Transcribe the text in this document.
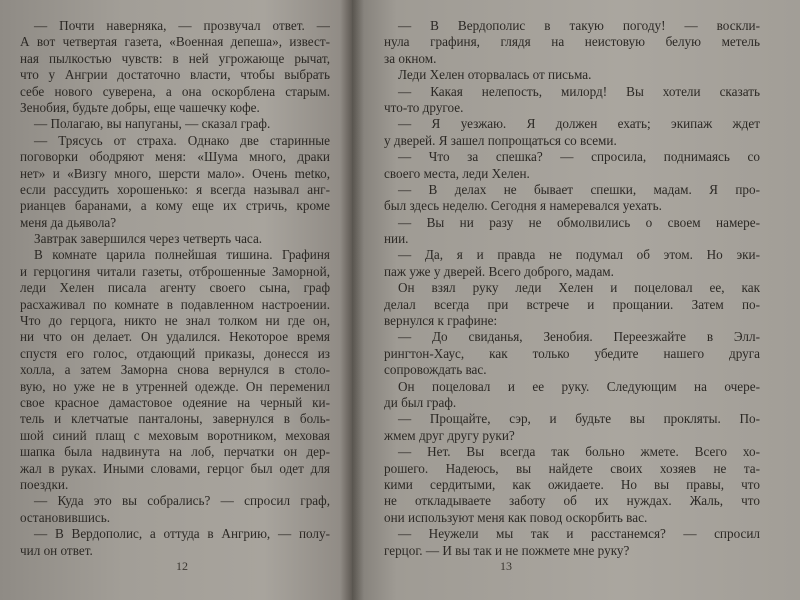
— Почти наверняка, — прозвучал ответ. —
А вот четвертая газета, «Военная депеша», извест-
ная пылкостью чувств: в ней угрожающе рычат,
что у Ангрии достаточно власти, чтобы выбрать
себе нового суверена, а она оскорблена старым.
Зенобия, будьте добры, еще чашечку кофе.
— Полагаю, вы напуганы, — сказал граф.
— Трясусь от страха. Однако две старинные
поговорки ободряют меня: «Шума много, драки
нет» и «Визгу много, шерсти мало». Очень metко,
если рассудить хорошенько: я всегда называл анг-
рианцев баранами, а кому еще их стричь, кроме
меня да дьявола?
Завтрак завершился через четверть часа.
В комнате царила полнейшая тишина. Графиня
и герцогиня читали газеты, отброшенные Заморной,
леди Хелен писала агенту своего сына, граф
расхаживал по комнате в подавленном настроении.
Что до герцога, никто не знал толком ни где он,
ни что он делает. Он удалился. Некоторое время
спустя его голос, отдающий приказы, донесся из
холла, а затем Заморна снова вернулся в столо-
вую, но уже не в утренней одежде. Он переменил
свое красное дамастовое одеяние на черный ки-
тель и клетчатые панталоны, завернулся в боль-
шой синий плащ с меховым воротником, меховая
шапка была надвинута на лоб, перчатки он дер-
жал в руках. Иными словами, герцог был одет для
поездки.
— Куда это вы собрались? — спросил граф,
остановившись.
— В Вердополис, а оттуда в Ангрию, — полу-
чил он ответ.
12
— В Вердополис в такую погоду! — воскли-
нула графиня, глядя на неистовую белую метель
за окном.
Леди Хелен оторвалась от письма.
— Какая нелепость, милорд! Вы хотели сказать
что-то другое.
— Я уезжаю. Я должен ехать; экипаж ждет
у дверей. Я зашел попрощаться со всеми.
— Что за спешка? — спросила, поднимаясь со
своего места, леди Хелен.
— В делах не бывает спешки, мадам. Я про-
был здесь неделю. Сегодня я намеревался уехать.
— Вы ни разу не обмолвились о своем намере-
нии.
— Да, я и правда не подумал об этом. Но эки-
паж уже у дверей. Всего доброго, мадам.
Он взял руку леди Хелен и поцеловал ее, как
делал всегда при встрече и прощании. Затем по-
вернулся к графине:
— До свиданья, Зенобия. Переезжайте в Элл-
рингтон-Хаус, как только убедите нашего друга
сопровождать вас.
Он поцеловал и ее руку. Следующим на очере-
ди был граф.
— Прощайте, сэр, и будьте вы прокляты. По-
жмем друг другу руки?
— Нет. Вы всегда так больно жмете. Всего хо-
рошего. Надеюсь, вы найдете своих хозяев не та-
кими сердитыми, как ожидаете. Но вы правы, что
не откладываете заботу об их нуждах. Жаль, что
они используют меня как повод оскорбить вас.
— Неужели мы так и расстанемся? — спросил
герцог. — И вы так и не пожмете мне руку?
13
